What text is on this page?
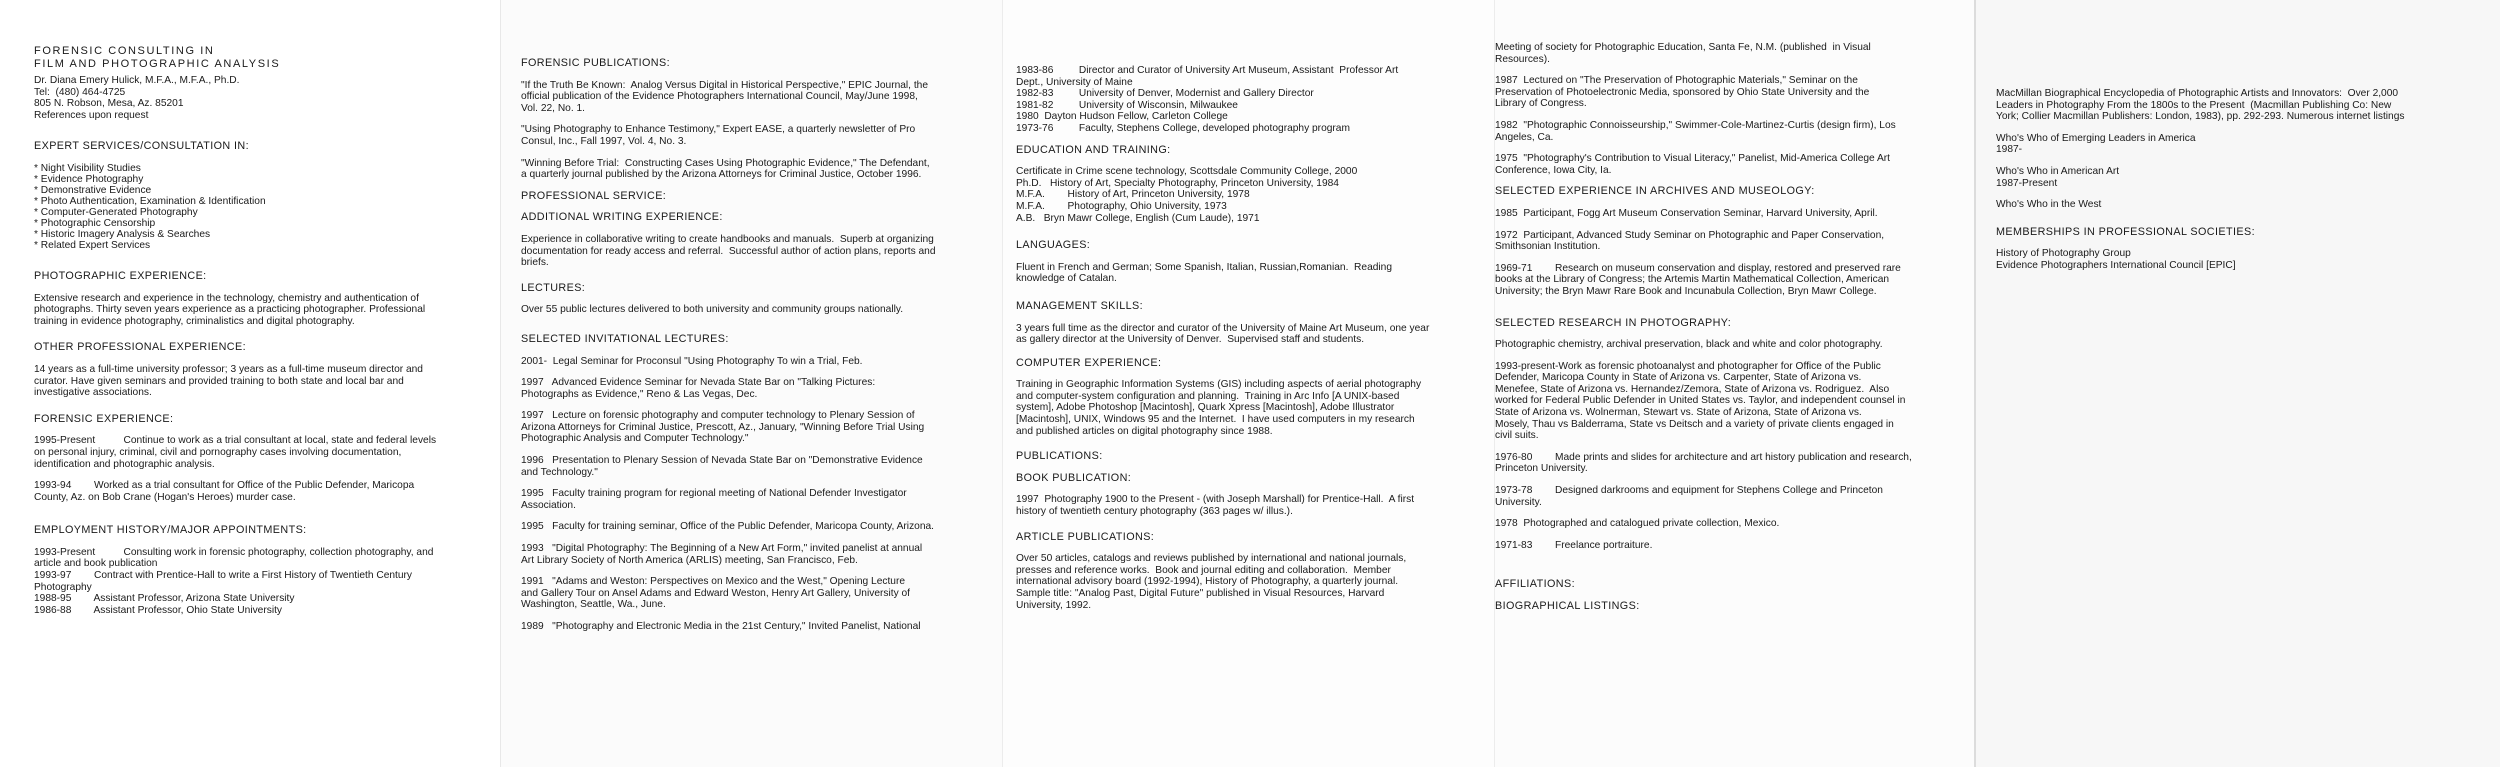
FORENSIC CONSULTING IN
FILM AND PHOTOGRAPHIC ANALYSIS
Dr. Diana Emery Hulick, M.F.A., M.F.A., Ph.D.
Tel:  (480) 464-4725
805 N. Robson, Mesa, Az. 85201
References upon request
EXPERT SERVICES/CONSULTATION IN:
* Night Visibility Studies
* Evidence Photography
* Demonstrative Evidence
* Photo Authentication, Examination & Identification
* Computer-Generated Photography
* Photographic Censorship
* Historic Imagery Analysis & Searches
* Related Expert Services
PHOTOGRAPHIC EXPERIENCE:
Extensive research and experience in the technology, chemistry and authentication of
photographs. Thirty seven years experience as a practicing photographer. Professional
training in evidence photography, criminalistics and digital photography.
OTHER PROFESSIONAL EXPERIENCE:
14 years as a full-time university professor; 3 years as a full-time museum director and
curator. Have given seminars and provided training to both state and local bar and
investigative associations.
FORENSIC EXPERIENCE:
1995-Present          Continue to work as a trial consultant at local, state and federal levels
on personal injury, criminal, civil and pornography cases involving documentation,
identification and photographic analysis.
1993-94        Worked as a trial consultant for Office of the Public Defender, Maricopa
County, Az. on Bob Crane (Hogan's Heroes) murder case.
EMPLOYMENT HISTORY/MAJOR APPOINTMENTS:
1993-Present          Consulting work in forensic photography, collection photography, and
article and book publication
1993-97        Contract with Prentice-Hall to write a First History of Twentieth Century
Photography
1988-95        Assistant Professor, Arizona State University
1986-88        Assistant Professor, Ohio State University
FORENSIC PUBLICATIONS:
"If the Truth Be Known:  Analog Versus Digital in Historical Perspective," EPIC Journal, the
official publication of the Evidence Photographers International Council, May/June 1998,
Vol. 22, No. 1.
"Using Photography to Enhance Testimony," Expert EASE, a quarterly newsletter of Pro
Consul, Inc., Fall 1997, Vol. 4, No. 3.
"Winning Before Trial:  Constructing Cases Using Photographic Evidence," The Defendant,
a quarterly journal published by the Arizona Attorneys for Criminal Justice, October 1996.
PROFESSIONAL SERVICE:
ADDITIONAL WRITING EXPERIENCE:
Experience in collaborative writing to create handbooks and manuals.  Superb at organizing
documentation for ready access and referral.  Successful author of action plans, reports and
briefs.
LECTURES:
Over 55 public lectures delivered to both university and community groups nationally.
SELECTED INVITATIONAL LECTURES:
2001-  Legal Seminar for Proconsul "Using Photography To win a Trial, Feb.
1997   Advanced Evidence Seminar for Nevada State Bar on "Talking Pictures:
Photographs as Evidence," Reno & Las Vegas, Dec.
1997   Lecture on forensic photography and computer technology to Plenary Session of
Arizona Attorneys for Criminal Justice, Prescott, Az., January, "Winning Before Trial Using
Photographic Analysis and Computer Technology."
1996   Presentation to Plenary Session of Nevada State Bar on "Demonstrative Evidence
and Technology."
1995   Faculty training program for regional meeting of National Defender Investigator
Association.
1995   Faculty for training seminar, Office of the Public Defender, Maricopa County, Arizona.
1993   "Digital Photography: The Beginning of a New Art Form," invited panelist at annual
Art Library Society of North America (ARLIS) meeting, San Francisco, Feb.
1991   "Adams and Weston: Perspectives on Mexico and the West," Opening Lecture
and Gallery Tour on Ansel Adams and Edward Weston, Henry Art Gallery, University of
Washington, Seattle, Wa., June.
1989   "Photography and Electronic Media in the 21st Century," Invited Panelist, National
1983-86         Director and Curator of University Art Museum, Assistant  Professor Art
Dept., University of Maine
1982-83         University of Denver, Modernist and Gallery Director
1981-82         University of Wisconsin, Milwaukee
1980  Dayton Hudson Fellow, Carleton College
1973-76         Faculty, Stephens College, developed photography program
EDUCATION AND TRAINING:
Certificate in Crime scene technology, Scottsdale Community College, 2000
Ph.D.   History of Art, Specialty Photography, Princeton University, 1984
M.F.A.        History of Art, Princeton University, 1978
M.F.A.        Photography, Ohio University, 1973
A.B.   Bryn Mawr College, English (Cum Laude), 1971
LANGUAGES:
Fluent in French and German; Some Spanish, Italian, Russian,Romanian.  Reading
knowledge of Catalan.
MANAGEMENT SKILLS:
3 years full time as the director and curator of the University of Maine Art Museum, one year
as gallery director at the University of Denver.  Supervised staff and students.
COMPUTER EXPERIENCE:
Training in Geographic Information Systems (GIS) including aspects of aerial photography
and computer-system configuration and planning.  Training in Arc Info [A UNIX-based
system], Adobe Photoshop [Macintosh], Quark Xpress [Macintosh], Adobe Illustrator
[Macintosh], UNIX, Windows 95 and the Internet.  I have used computers in my research
and published articles on digital photography since 1988.
PUBLICATIONS:
BOOK PUBLICATION:
1997  Photography 1900 to the Present - (with Joseph Marshall) for Prentice-Hall.  A first
history of twentieth century photography (363 pages w/ illus.).
ARTICLE PUBLICATIONS:
Over 50 articles, catalogs and reviews published by international and national journals,
presses and reference works.  Book and journal editing and collaboration.  Member
international advisory board (1992-1994), History of Photography, a quarterly journal.
Sample title: "Analog Past, Digital Future" published in Visual Resources, Harvard
University, 1992.
Meeting of society for Photographic Education, Santa Fe, N.M. (published  in Visual
Resources).
1987  Lectured on "The Preservation of Photographic Materials," Seminar on the
Preservation of Photoelectronic Media, sponsored by Ohio State University and the
Library of Congress.
1982  "Photographic Connoisseurship," Swimmer-Cole-Martinez-Curtis (design firm), Los
Angeles, Ca.
1975  "Photography's Contribution to Visual Literacy," Panelist, Mid-America College Art
Conference, Iowa City, Ia.
SELECTED EXPERIENCE IN ARCHIVES AND MUSEOLOGY:
1985  Participant, Fogg Art Museum Conservation Seminar, Harvard University, April.
1972  Participant, Advanced Study Seminar on Photographic and Paper Conservation,
Smithsonian Institution.
1969-71        Research on museum conservation and display, restored and preserved rare
books at the Library of Congress; the Artemis Martin Mathematical Collection, American
University; the Bryn Mawr Rare Book and Incunabula Collection, Bryn Mawr College.
SELECTED RESEARCH IN PHOTOGRAPHY:
Photographic chemistry, archival preservation, black and white and color photography.
1993-present-Work as forensic photoanalyst and photographer for Office of the Public
Defender, Maricopa County in State of Arizona vs. Carpenter, State of Arizona vs.
Menefee, State of Arizona vs. Hernandez/Zemora, State of Arizona vs. Rodriguez.  Also
worked for Federal Public Defender in United States vs. Taylor, and independent counsel in
State of Arizona vs. Wolnerman, Stewart vs. State of Arizona, State of Arizona vs.
Mosely, Thau vs Balderrama, State vs Deitsch and a variety of private clients engaged in
civil suits.
1976-80        Made prints and slides for architecture and art history publication and research,
Princeton University.
1973-78        Designed darkrooms and equipment for Stephens College and Princeton
University.
1978  Photographed and catalogued private collection, Mexico.
1971-83        Freelance portraiture.
AFFILIATIONS:
BIOGRAPHICAL LISTINGS:
MacMillan Biographical Encyclopedia of Photographic Artists and Innovators:  Over 2,000
Leaders in Photography From the 1800s to the Present  (Macmillan Publishing Co: New
York; Collier Macmillan Publishers: London, 1983), pp. 292-293. Numerous internet listings
Who's Who of Emerging Leaders in America
1987-
Who's Who in American Art
1987-Present
Who's Who in the West
MEMBERSHIPS IN PROFESSIONAL SOCIETIES:
History of Photography Group
Evidence Photographers International Council [EPIC]
